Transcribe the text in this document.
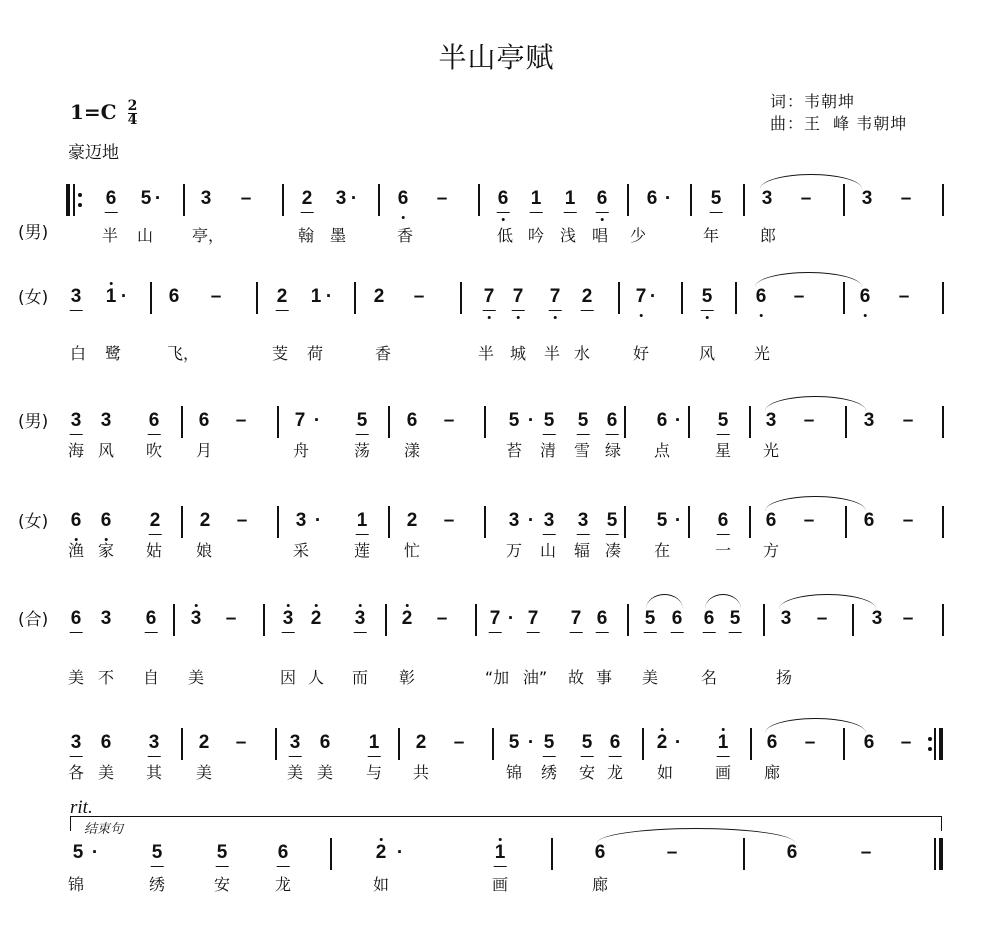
半山亭赋
$1=C \frac{2}{4}$
豪迈地
词：韦朝坤
曲：王  峰 韦朝坤
(男)
6 5 · 3 –	2 3 · 6 –	6 1 1 6 6 · 5 3 –	3 –
半 山 亭，	翰 墨	香	低 吟 浅 唱 少	年	郎
(女) 3 1 · 6 –	2 1 · 2 –	7 7 7 2 7 · 5 6 –	6 –
白 鹭	飞，	芰 荷	香	半 城 半 水	好	风 光
(男) 3 3 6 6 –	7 · 5 6 –	5 · 5 5 6 6 · 5 3 –	3 –
海 风 吹 月	舟	荡 漾	苔 清 雪 绿 点	星 光
(女) 6 6 2 2 –	3 · 1 2 –	3 · 3 3 5 5 · 6 6 –	6 –
渔 家 姑 娘	采	莲 忙	万 山 辐 凑 在	一 方
(合) 6 3 6 3 – 3 2 3 2 – 7 · 7 7 6 5 6 6 5 3 – 3 –
美 不 自 美	因 人 而 彰	“加 油” 故 事 美	名	扬
3 6 3 2 – 3 6 1 2 – 5 · 5 5 6 2 · 1 6 –	6 –
各 美 其 美	美 美 与 共	锦 绣 安 龙 如	画 廊
rit.
结束句
5 ·	5	5	6	2 ·	1	6	–	6	–
锦	绣	安	龙	如	画	廊
